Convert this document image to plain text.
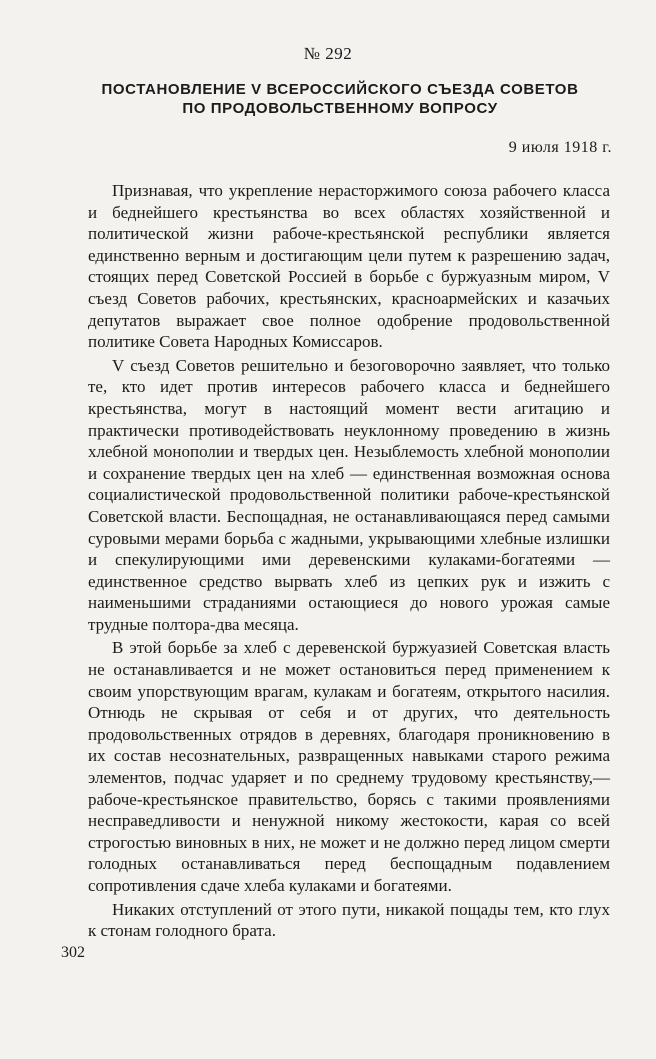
№ 292
ПОСТАНОВЛЕНИЕ V ВСЕРОССИЙСКОГО СЪЕЗДА СОВЕТОВ
ПО ПРОДОВОЛЬСТВЕННОМУ ВОПРОСУ
9 июля 1918 г.

Признавая, что укрепление нерасторжимого союза рабочего класса и беднейшего крестьянства во всех областях хозяйственной и политической жизни рабоче-крестьянской республики является единственно верным и достигающим цели путем к разрешению задач, стоящих перед Советской Россией в борьбе с буржуазным миром, V съезд Советов рабочих, крестьянских, красноармейских и казачьих депутатов выражает свое полное одобрение продовольственной политике Совета Народных Комиссаров.

V съезд Советов решительно и безоговорочно заявляет, что только те, кто идет против интересов рабочего класса и беднейшего крестьянства, могут в настоящий момент вести агитацию и практически противодействовать неуклонному проведению в жизнь хлебной монополии и твердых цен. Незыблемость хлебной монополии и сохранение твердых цен на хлеб — единственная возможная основа социалистической продовольственной политики рабоче-крестьянской Советской власти. Беспощадная, не останавливающаяся перед самыми суровыми мерами борьба с жадными, укрывающими хлебные излишки и спекулирующими ими деревенскими кулаками-богатеями — единственное средство вырвать хлеб из цепких рук и изжить с наименьшими страданиями остающиеся до нового урожая самые трудные полтора-два месяца.

В этой борьбе за хлеб с деревенской буржуазией Советская власть не останавливается и не может остановиться перед применением к своим упорствующим врагам, кулакам и богатеям, открытого насилия. Отнюдь не скрывая от себя и от других, что деятельность продовольственных отрядов в деревнях, благодаря проникновению в их состав несознательных, развращенных навыками старого режима элементов, подчас ударяет и по среднему трудовому крестьянству,— рабоче-крестьянское правительство, борясь с такими проявлениями несправедливости и ненужной никому жестокости, карая со всей строгостью виновных в них, не может и не должно перед лицом смерти голодных останавливаться перед беспощадным подавлением сопротивления сдаче хлеба кулаками и богатеями.

Никаких отступлений от этого пути, никакой пощады тем, кто глух к стонам голодного брата.

302
